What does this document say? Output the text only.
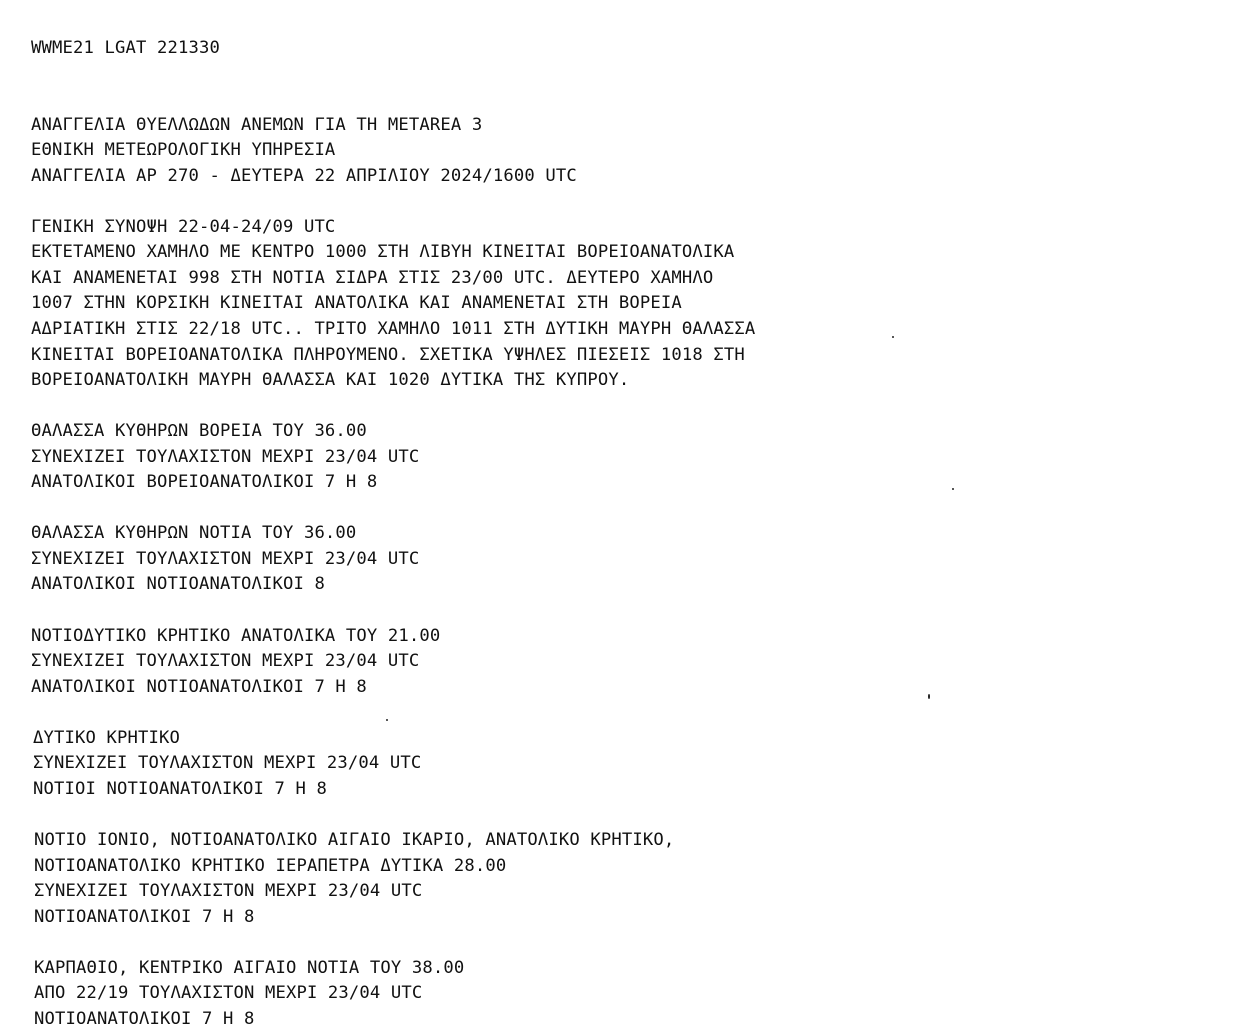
WWME21 LGAT 221330
ΑΝΑΓΓΕΛΙΑ ΘΥΕΛΛΩΔΩΝ ΑΝΕΜΩΝ ΓΙΑ ΤΗ METAREA 3
ΕΘΝΙΚΗ ΜΕΤΕΩΡΟΛΟΓΙΚΗ ΥΠΗΡΕΣΙΑ
ΑΝΑΓΓΕΛΙΑ ΑΡ 270 - ΔΕΥΤΕΡΑ 22 ΑΠΡΙΛΙΟΥ 2024/1600 UTC
ΓΕΝΙΚΗ ΣΥΝΟΨΗ 22-04-24/09 UTC
ΕΚΤΕΤΑΜΕΝΟ ΧΑΜΗΛΟ ΜΕ ΚΕΝΤΡΟ 1000 ΣΤΗ ΛΙΒΥΗ ΚΙΝΕΙΤΑΙ ΒΟΡΕΙΟΑΝΑΤΟΛΙΚΑ
ΚΑΙ ΑΝΑΜΕΝΕΤΑΙ 998 ΣΤΗ ΝΟΤΙΑ ΣΙΔΡΑ ΣΤΙΣ 23/00 UTC. ΔΕΥΤΕΡΟ ΧΑΜΗΛΟ
1007 ΣΤΗΝ ΚΟΡΣΙΚΗ ΚΙΝΕΙΤΑΙ ΑΝΑΤΟΛΙΚΑ ΚΑΙ ΑΝΑΜΕΝΕΤΑΙ ΣΤΗ ΒΟΡΕΙΑ
ΑΔΡΙΑΤΙΚΗ ΣΤΙΣ 22/18 UTC.. ΤΡΙΤΟ ΧΑΜΗΛΟ 1011 ΣΤΗ ΔΥΤΙΚΗ ΜΑΥΡΗ ΘΑΛΑΣΣΑ
ΚΙΝΕΙΤΑΙ ΒΟΡΕΙΟΑΝΑΤΟΛΙΚΑ ΠΛΗΡΟΥΜΕΝΟ. ΣΧΕΤΙΚΑ ΥΨΗΛΕΣ ΠΙΕΣΕΙΣ 1018 ΣΤΗ
ΒΟΡΕΙΟΑΝΑΤΟΛΙΚΗ ΜΑΥΡΗ ΘΑΛΑΣΣΑ ΚΑΙ 1020 ΔΥΤΙΚΑ ΤΗΣ ΚΥΠΡΟΥ.
ΘΑΛΑΣΣΑ ΚΥΘΗΡΩΝ ΒΟΡΕΙΑ ΤΟΥ 36.00
ΣΥΝΕΧΙΖΕΙ ΤΟΥΛΑΧΙΣΤΟΝ ΜΕΧΡΙ 23/04 UTC
ΑΝΑΤΟΛΙΚΟΙ ΒΟΡΕΙΟΑΝΑΤΟΛΙΚΟΙ 7 Η 8
ΘΑΛΑΣΣΑ ΚΥΘΗΡΩΝ ΝΟΤΙΑ ΤΟΥ 36.00
ΣΥΝΕΧΙΖΕΙ ΤΟΥΛΑΧΙΣΤΟΝ ΜΕΧΡΙ 23/04 UTC
ΑΝΑΤΟΛΙΚΟΙ ΝΟΤΙΟΑΝΑΤΟΛΙΚΟΙ 8
ΝΟΤΙΟΔΥΤΙΚΟ ΚΡΗΤΙΚΟ ΑΝΑΤΟΛΙΚΑ ΤΟΥ 21.00
ΣΥΝΕΧΙΖΕΙ ΤΟΥΛΑΧΙΣΤΟΝ ΜΕΧΡΙ 23/04 UTC
ΑΝΑΤΟΛΙΚΟΙ ΝΟΤΙΟΑΝΑΤΟΛΙΚΟΙ 7 Η 8
ΔΥΤΙΚΟ ΚΡΗΤΙΚΟ
ΣΥΝΕΧΙΖΕΙ ΤΟΥΛΑΧΙΣΤΟΝ ΜΕΧΡΙ 23/04 UTC
ΝΟΤΙΟΙ ΝΟΤΙΟΑΝΑΤΟΛΙΚΟΙ 7 Η 8
ΝΟΤΙΟ ΙΟΝΙΟ, ΝΟΤΙΟΑΝΑΤΟΛΙΚΟ ΑΙΓΑΙΟ ΙΚΑΡΙΟ, ΑΝΑΤΟΛΙΚΟ ΚΡΗΤΙΚΟ,
ΝΟΤΙΟΑΝΑΤΟΛΙΚΟ ΚΡΗΤΙΚΟ ΙΕΡΑΠΕΤΡΑ ΔΥΤΙΚΑ 28.00
ΣΥΝΕΧΙΖΕΙ ΤΟΥΛΑΧΙΣΤΟΝ ΜΕΧΡΙ 23/04 UTC
ΝΟΤΙΟΑΝΑΤΟΛΙΚΟΙ 7 Η 8
ΚΑΡΠΑΘΙΟ, ΚΕΝΤΡΙΚΟ ΑΙΓΑΙΟ ΝΟΤΙΑ ΤΟΥ 38.00
ΑΠΟ 22/19 ΤΟΥΛΑΧΙΣΤΟΝ ΜΕΧΡΙ 23/04 UTC
ΝΟΤΙΟΑΝΑΤΟΛΙΚΟΙ 7 Η 8
